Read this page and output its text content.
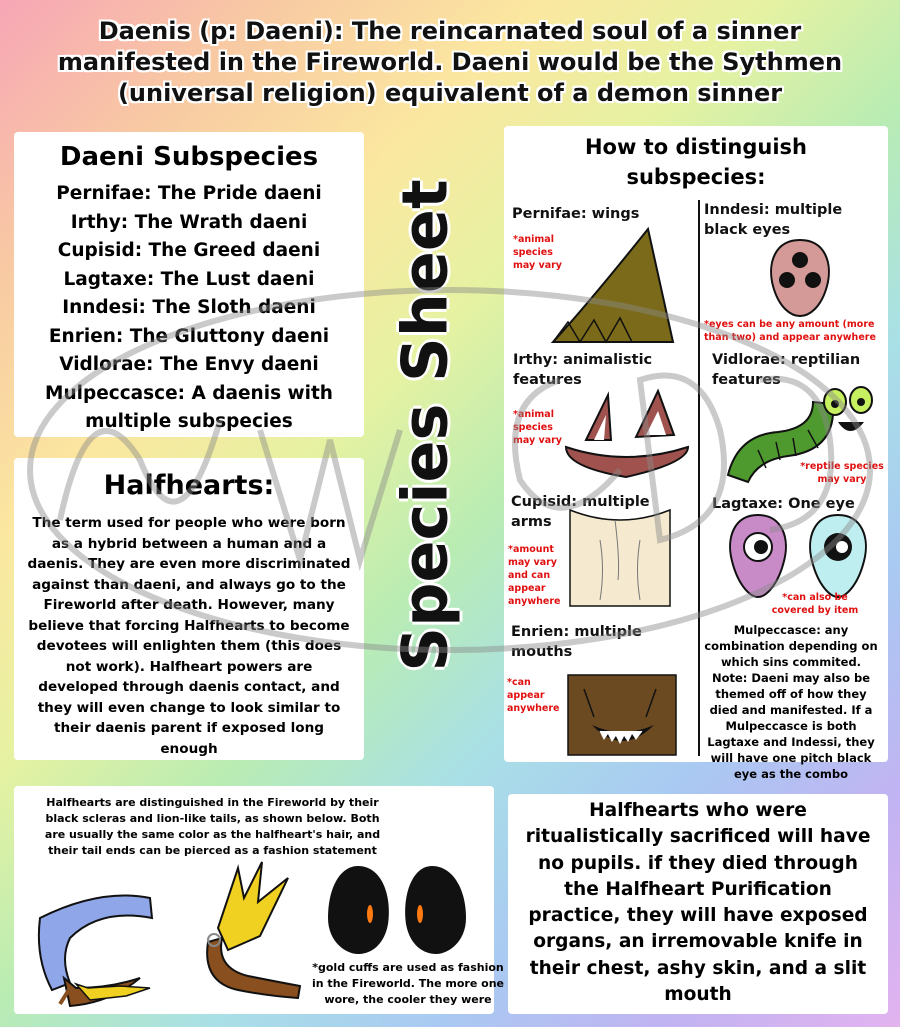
Daenis (p: Daeni): The reincarnated soul of a sinner manifested in the Fireworld. Daeni would be the Sythmen (universal religion) equivalent of a demon sinner
Daeni Subspecies
Pernifae: The Pride daeni
Irthy: The Wrath daeni
Cupisid: The Greed daeni
Lagtaxe: The Lust daeni
Inndesi: The Sloth daeni
Enrien: The Gluttony daeni
Vidlorae: The Envy daeni
Mulpeccasce: A daenis with multiple subspecies
Halfhearts:
The term used for people who were born as a hybrid between a human and a daenis. They are even more discriminated against than daeni, and always go to the Fireworld after death. However, many believe that forcing Halfhearts to become devotees will enlighten them (this does not work). Halfheart powers are developed through daenis contact, and they will even change to look similar to their daenis parent if exposed long enough
Species Sheet
How to distinguish
subspecies:
Pernifae: wings
*animal species may vary
Inndesi: multiple black eyes
*eyes can be any amount (more than two) and appear anywhere
Irthy: animalistic features
*animal species may vary
Vidlorae: reptilian features
*reptile species may vary
Cupisid: multiple arms
*amount may vary and can appear anywhere
Lagtaxe: One eye
*can also be covered by item
Enrien: multiple mouths
*can appear anywhere
Mulpeccasce: any combination depending on which sins commited. Note: Daeni may also be themed off of how they died and manifested. If a Mulpeccasce is both Lagtaxe and Indessi, they will have one pitch black eye as the combo
Halfhearts are distinguished in the Fireworld by their black scleras and lion-like tails, as shown below. Both are usually the same color as the halfheart's hair, and their tail ends can be pierced as a fashion statement
*gold cuffs are used as fashion in the Fireworld. The more one wore, the cooler they were
Halfhearts who were ritualistically sacrificed will have no pupils. if they died through the Halfheart Purification practice, they will have exposed organs, an irremovable knife in their chest, ashy skin, and a slit mouth
